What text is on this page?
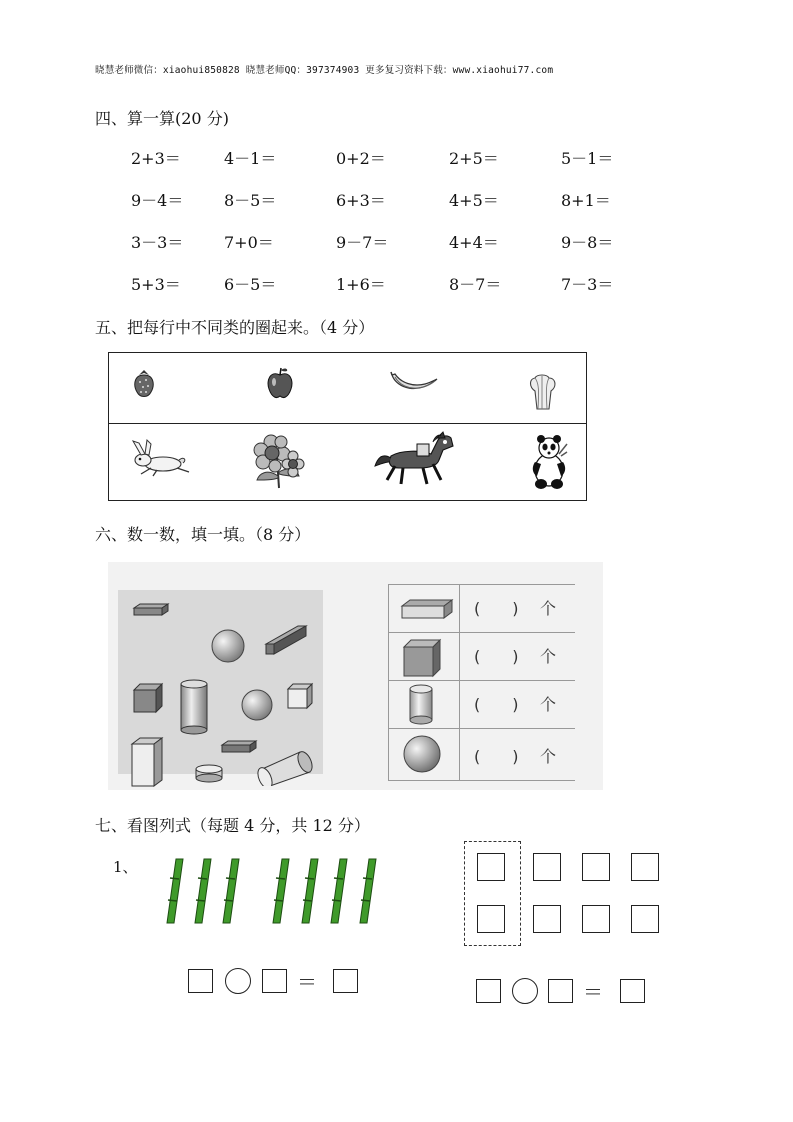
晓慧老师微信：xiaohui850828 晓慧老师QQ：397374903 更多复习资料下载：www.xiaohui77.com
四、算一算(20 分)
2+3＝	4－1＝	0+2＝	2+5＝	5－1＝
9－4＝	8－5＝	6+3＝	4+5＝	8+1＝
3－3＝	7+0＝	9－7＝	4+4＝	9－8＝
5+3＝	6－5＝	1+6＝	8－7＝	7－3＝
五、把每行中不同类的圈起来。（4 分）
六、数一数，填一填。（8 分）
(　　) 个
(　　) 个
(　　) 个
(　　) 个
七、看图列式（每题 4 分，共 12 分）
1、
＝	＝
